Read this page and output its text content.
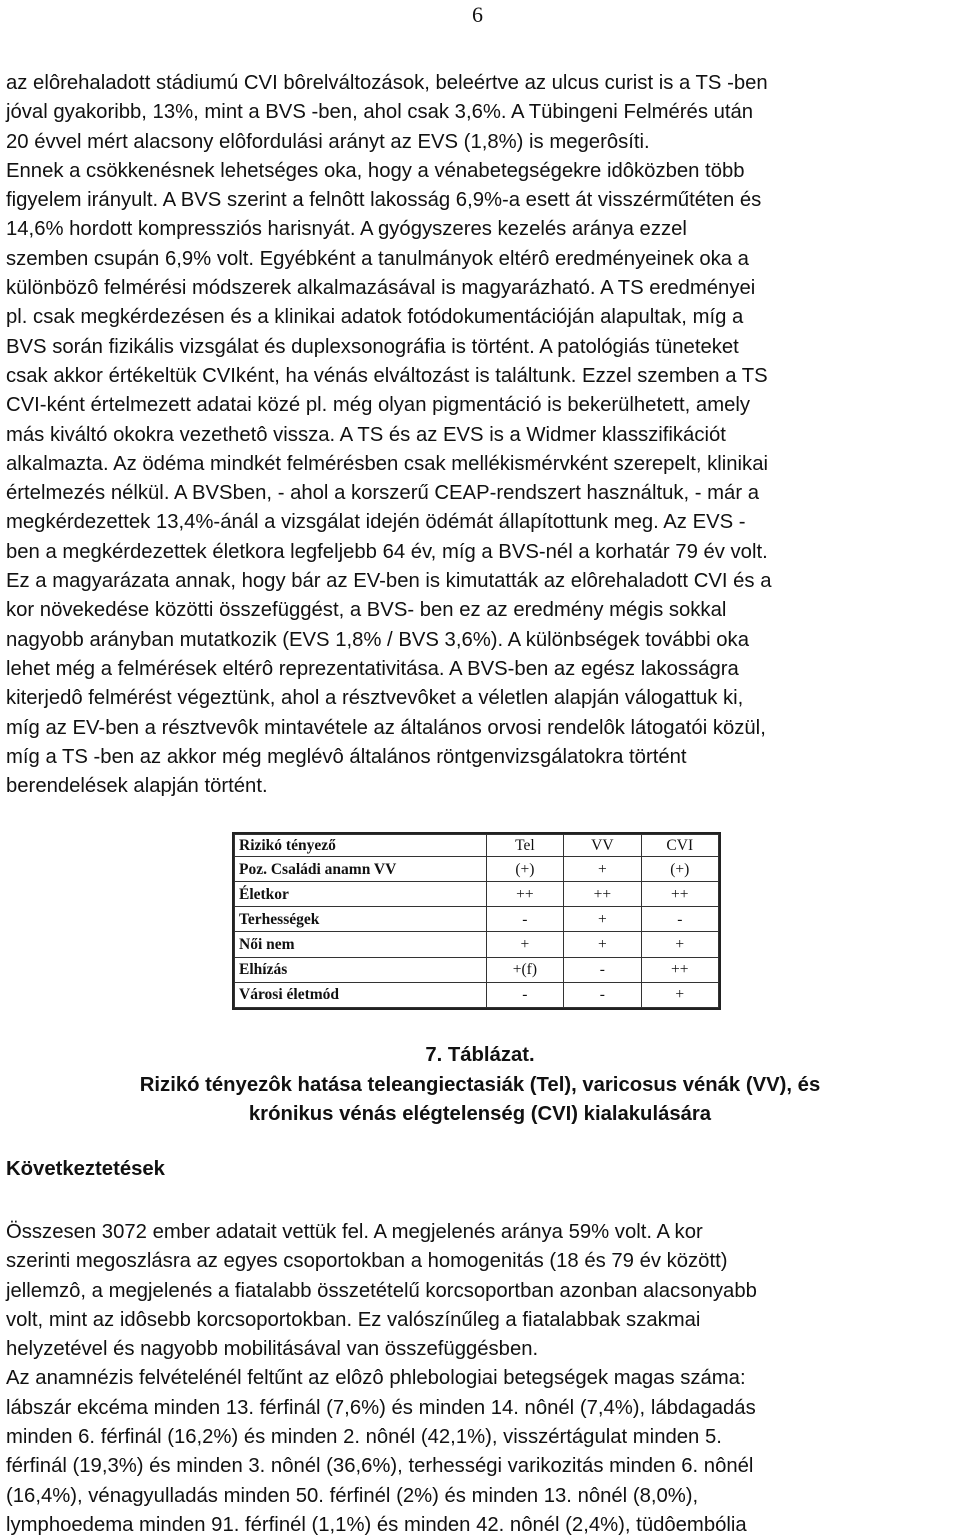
6
az elôrehaladott stádiumú CVI bôrelváltozások, beleértve az ulcus curist is a TS -ben
jóval gyakoribb, 13%, mint a BVS -ben, ahol csak 3,6%. A Tübingeni Felmérés után
20 évvel mért alacsony elôfordulási arányt az EVS (1,8%) is megerôsíti.
Ennek a csökkenésnek lehetséges oka, hogy a vénabetegségekre idôközben több
figyelem irányult. A BVS szerint a felnôtt lakosság 6,9%-a esett át visszérműtéten és
14,6% hordott kompressziós harisnyát. A gyógyszeres kezelés aránya ezzel
szemben csupán 6,9% volt. Egyébként a tanulmányok eltérô eredményeinek oka a
különbözô felmérési módszerek alkalmazásával is magyarázható. A TS eredményei
pl. csak megkérdezésen és a klinikai adatok fotódokumentációján alapultak, míg a
BVS során fizikális vizsgálat és duplexsonográfia is történt. A patológiás tüneteket
csak akkor értékeltük CVIként, ha vénás elváltozást is találtunk. Ezzel szemben a TS
CVI-ként értelmezett adatai közé pl. még olyan pigmentáció is bekerülhetett, amely
más kiváltó okokra vezethetô vissza. A TS és az EVS is a Widmer klasszifikációt
alkalmazta. Az ödéma mindkét felmérésben csak mellékismérvként szerepelt, klinikai
értelmezés nélkül. A BVSben, - ahol a korszerű CEAP-rendszert használtuk, - már a
megkérdezettek 13,4%-ánál a vizsgálat idején ödémát állapítottunk meg. Az EVS -
ben a megkérdezettek életkora legfeljebb 64 év, míg a BVS-nél a korhatár 79 év volt.
Ez a magyarázata annak, hogy bár az EV-ben is kimutatták az elôrehaladott CVI és a
kor növekedése közötti összefüggést, a BVS- ben ez az eredmény mégis sokkal
nagyobb arányban mutatkozik (EVS 1,8% / BVS 3,6%). A különbségek további oka
lehet még a felmérések eltérô reprezentativitása. A BVS-ben az egész lakosságra
kiterjedô felmérést végeztünk, ahol a résztvevôket a véletlen alapján válogattuk ki,
míg az EV-ben a résztvevôk mintavétele az általános orvosi rendelôk látogatói közül,
míg a TS -ben az akkor még meglévô általános röntgenvizsgálatokra történt
berendelések alapján történt.
Rizikó tényező	Tel	VV	CVI
Poz. Családi anamn VV	(+)	+	(+)
Életkor	++	++	++
Terhességek	-	+	-
Női nem	+	+	+
Elhízás	+(f)	-	++
Városi életmód	-	-	+
7. Táblázat.
Rizikó tényezôk hatása teleangiectasiák (Tel), varicosus vénák (VV), és
krónikus vénás elégtelenség (CVI) kialakulására
Következtetések
Összesen 3072 ember adatait vettük fel. A megjelenés aránya 59% volt. A kor
szerinti megoszlásra az egyes csoportokban a homogenitás (18 és 79 év között)
jellemzô, a megjelenés a fiatalabb összetételű korcsoportban azonban alacsonyabb
volt, mint az idôsebb korcsoportokban. Ez valószínűleg a fiatalabbak szakmai
helyzetével és nagyobb mobilitásával van összefüggésben.
Az anamnézis felvételénél feltűnt az elôzô phlebologiai betegségek magas száma:
lábszár ekcéma minden 13. férfinál (7,6%) és minden 14. nônél (7,4%), lábdagadás
minden 6. férfinál (16,2%) és minden 2. nônél (42,1%), visszértágulat minden 5.
férfinál (19,3%) és minden 3. nônél (36,6%), terhességi varikozitás minden 6. nônél
(16,4%), vénagyulladás minden 50. férfinél (2%) és minden 13. nônél (8,0%),
lymphoedema minden 91. férfinél (1,1%) és minden 42. nônél (2,4%), tüdôembólia
